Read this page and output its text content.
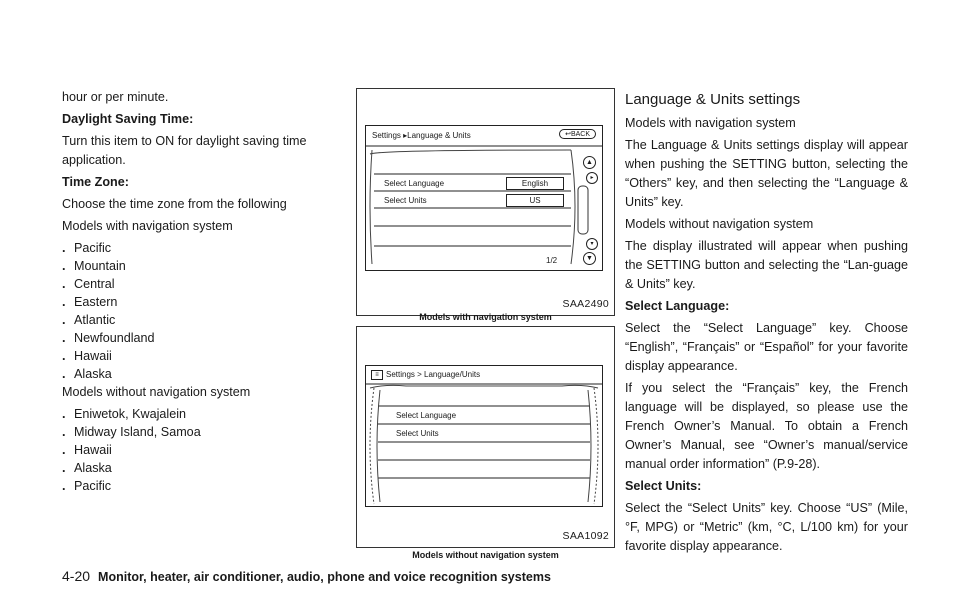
hour or per minute.

Daylight Saving Time:

Turn this item to ON for daylight saving time application.

Time Zone:

Choose the time zone from the following

Models with navigation system

. Pacific
. Mountain
. Central
. Eastern
. Atlantic
. Newfoundland
. Hawaii
. Alaska

Models without navigation system

. Eniwetok, Kwajalein
. Midway Island, Samoa
. Hawaii
. Alaska
. Pacific
Settings ▸Language & Units	↩BACK
Select Language	English
Select Units	US
1/2
▲
▸
▾
▼
SAA2490
Models with navigation system
≡ Settings > Language/Units
Select Language
Select Units
SAA1092
Models without navigation system

Language & Units settings

Models with navigation system

The Language & Units settings display will appear when pushing the SETTING button, selecting the “Others” key, and then selecting the “Language & Units” key.

Models without navigation system

The display illustrated will appear when pushing the SETTING button and selecting the “Lan-guage & Units” key.

Select Language:

Select the “Select Language” key. Choose “English”, “Français” or “Español” for your favorite display appearance.

If you select the “Français” key, the French language will be displayed, so please use the French Owner’s Manual. To obtain a French Owner’s Manual, see “Owner’s manual/service manual order information” (P.9-28).

Select Units:

Select the “Select Units” key. Choose “US” (Mile, °F, MPG) or “Metric” (km, °C, L/100 km) for your favorite display appearance.

4-20 Monitor, heater, air conditioner, audio, phone and voice recognition systems
